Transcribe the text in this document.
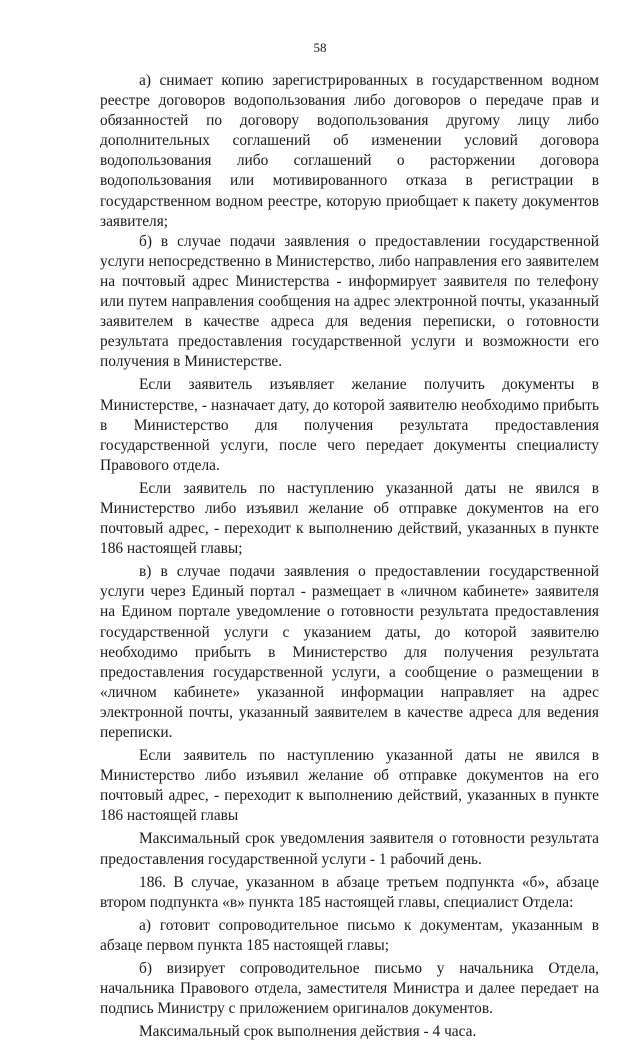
58

а) снимает копию зарегистрированных в государственном водном реестре договоров водопользования либо договоров о передаче прав и обязанностей по договору водопользования другому лицу либо дополнительных соглашений об изменении условий договора водопользования либо соглашений о расторжении договора водопользования или мотивированного отказа в регистрации в государственном водном реестре, которую приобщает к пакету документов заявителя;

б) в случае подачи заявления о предоставлении государственной услуги непосредственно в Министерство, либо направления его заявителем на почтовый адрес Министерства - информирует заявителя по телефону или путем направления сообщения на адрес электронной почты, указанный заявителем в качестве адреса для ведения переписки, о готовности результата предоставления государственной услуги и возможности его получения в Министерстве.

Если заявитель изъявляет желание получить документы в Министерстве, - назначает дату, до которой заявителю необходимо прибыть в Министерство для получения результата предоставления государственной услуги, после чего передает документы специалисту Правового отдела.

Если заявитель по наступлению указанной даты не явился в Министерство либо изъявил желание об отправке документов на его почтовый адрес, - переходит к выполнению действий, указанных в пункте 186 настоящей главы;

в) в случае подачи заявления о предоставлении государственной услуги через Единый портал - размещает в «личном кабинете» заявителя на Едином портале уведомление о готовности результата предоставления государственной услуги с указанием даты, до которой заявителю необходимо прибыть в Министерство для получения результата предоставления государственной услуги, а сообщение о размещении в «личном кабинете» указанной информации направляет на адрес электронной почты, указанный заявителем в качестве адреса для ведения переписки.

Если заявитель по наступлению указанной даты не явился в Министерство либо изъявил желание об отправке документов на его почтовый адрес, - переходит к выполнению действий, указанных в пункте 186 настоящей главы

Максимальный срок уведомления заявителя о готовности результата предоставления государственной услуги - 1 рабочий день.

186. В случае, указанном в абзаце третьем подпункта «б», абзаце втором подпункта «в» пункта 185 настоящей главы, специалист Отдела:

а) готовит сопроводительное письмо к документам, указанным в абзаце первом пункта 185 настоящей главы;

б) визирует сопроводительное письмо у начальника Отдела, начальника Правового отдела, заместителя Министра и далее передает на подпись Министру с приложением оригиналов документов.

Максимальный срок выполнения действия - 4 часа.
